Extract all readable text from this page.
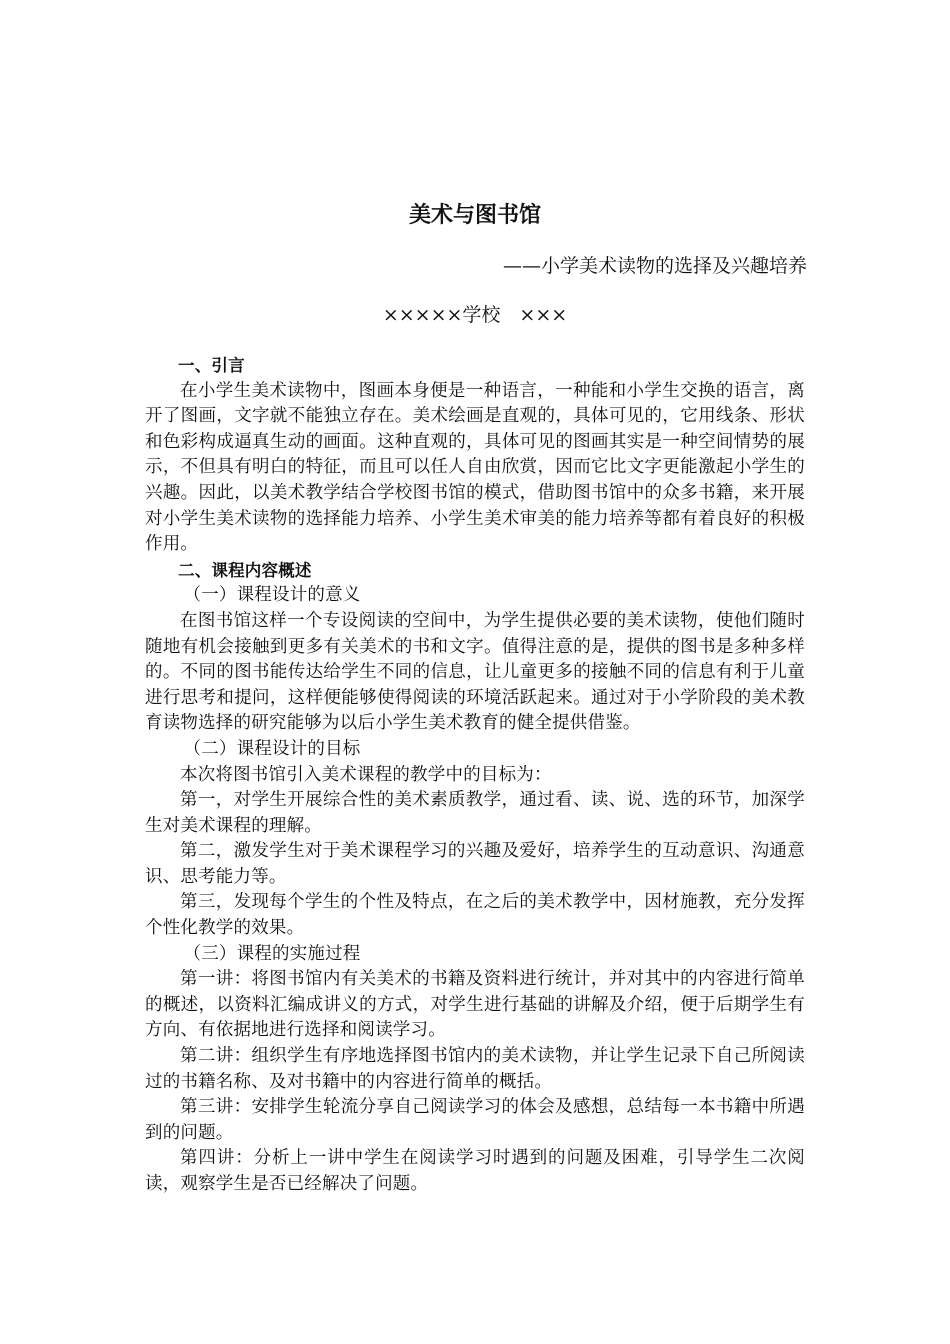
美术与图书馆

——小学美术读物的选择及兴趣培养

×××××学校　×××

一、引言

在小学生美术读物中，图画本身便是一种语言，一种能和小学生交换的语言，离开了图画，文字就不能独立存在。美术绘画是直观的，具体可见的，它用线条、形状和色彩构成逼真生动的画面。这种直观的，具体可见的图画其实是一种空间情势的展示，不但具有明白的特征，而且可以任人自由欣赏，因而它比文字更能激起小学生的兴趣。因此，以美术教学结合学校图书馆的模式，借助图书馆中的众多书籍，来开展对小学生美术读物的选择能力培养、小学生美术审美的能力培养等都有着良好的积极作用。

二、课程内容概述

（一）课程设计的意义

在图书馆这样一个专设阅读的空间中，为学生提供必要的美术读物，使他们随时随地有机会接触到更多有关美术的书和文字。值得注意的是，提供的图书是多种多样的。不同的图书能传达给学生不同的信息，让儿童更多的接触不同的信息有利于儿童进行思考和提问，这样便能够使得阅读的环境活跃起来。通过对于小学阶段的美术教育读物选择的研究能够为以后小学生美术教育的健全提供借鉴。

（二）课程设计的目标

本次将图书馆引入美术课程的教学中的目标为：

第一，对学生开展综合性的美术素质教学，通过看、读、说、选的环节，加深学生对美术课程的理解。

第二，激发学生对于美术课程学习的兴趣及爱好，培养学生的互动意识、沟通意识、思考能力等。

第三，发现每个学生的个性及特点，在之后的美术教学中，因材施教，充分发挥个性化教学的效果。

（三）课程的实施过程

第一讲：将图书馆内有关美术的书籍及资料进行统计，并对其中的内容进行简单的概述，以资料汇编成讲义的方式，对学生进行基础的讲解及介绍，便于后期学生有方向、有依据地进行选择和阅读学习。

第二讲：组织学生有序地选择图书馆内的美术读物，并让学生记录下自己所阅读过的书籍名称、及对书籍中的内容进行简单的概括。

第三讲：安排学生轮流分享自己阅读学习的体会及感想，总结每一本书籍中所遇到的问题。

第四讲：分析上一讲中学生在阅读学习时遇到的问题及困难，引导学生二次阅读，观察学生是否已经解决了问题。
